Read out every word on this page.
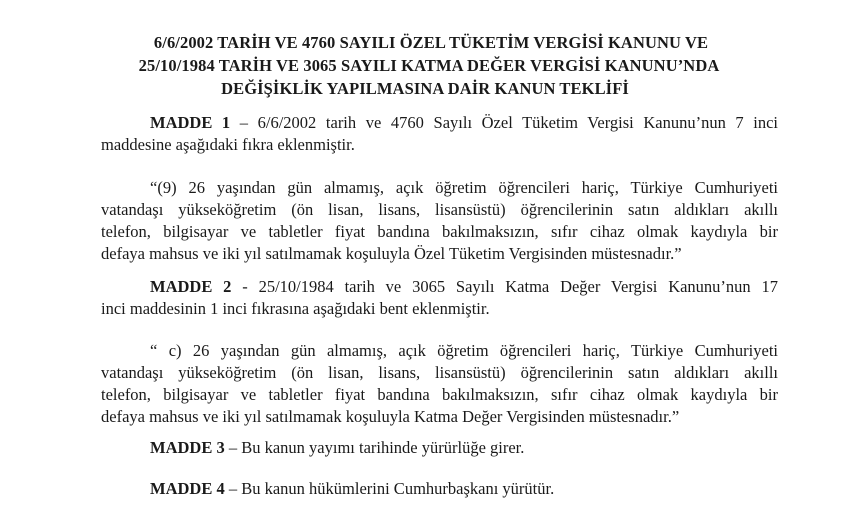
6/6/2002 TARİH VE 4760 SAYILI ÖZEL TÜKETİM VERGİSİ KANUNU VE
25/10/1984 TARİH VE 3065 SAYILI KATMA DEĞER VERGİSİ KANUNU’NDA
DEĞİŞİKLİK YAPILMASINA DAİR KANUN TEKLİFİ
MADDE 1 – 6/6/2002 tarih ve 4760 Sayılı Özel Tüketim Vergisi Kanunu’nun 7 inci
maddesine aşağıdaki fıkra eklenmiştir.
“(9) 26 yaşından gün almamış, açık öğretim öğrencileri hariç, Türkiye Cumhuriyeti
vatandaşı yükseköğretim (ön lisan, lisans, lisansüstü) öğrencilerinin satın aldıkları akıllı
telefon, bilgisayar ve tabletler fiyat bandına bakılmaksızın, sıfır cihaz olmak kaydıyla bir
defaya mahsus ve iki yıl satılmamak koşuluyla Özel Tüketim Vergisinden müstesnadır.”
MADDE 2 - 25/10/1984 tarih ve 3065 Sayılı Katma Değer Vergisi Kanunu’nun 17
inci maddesinin 1 inci fıkrasına aşağıdaki bent eklenmiştir.
“ c) 26 yaşından gün almamış, açık öğretim öğrencileri hariç, Türkiye Cumhuriyeti
vatandaşı yükseköğretim (ön lisan, lisans, lisansüstü) öğrencilerinin satın aldıkları akıllı
telefon, bilgisayar ve tabletler fiyat bandına bakılmaksızın, sıfır cihaz olmak kaydıyla bir
defaya mahsus ve iki yıl satılmamak koşuluyla Katma Değer Vergisinden müstesnadır.”
MADDE 3 – Bu kanun yayımı tarihinde yürürlüğe girer.
MADDE 4 – Bu kanun hükümlerini Cumhurbaşkanı yürütür.
